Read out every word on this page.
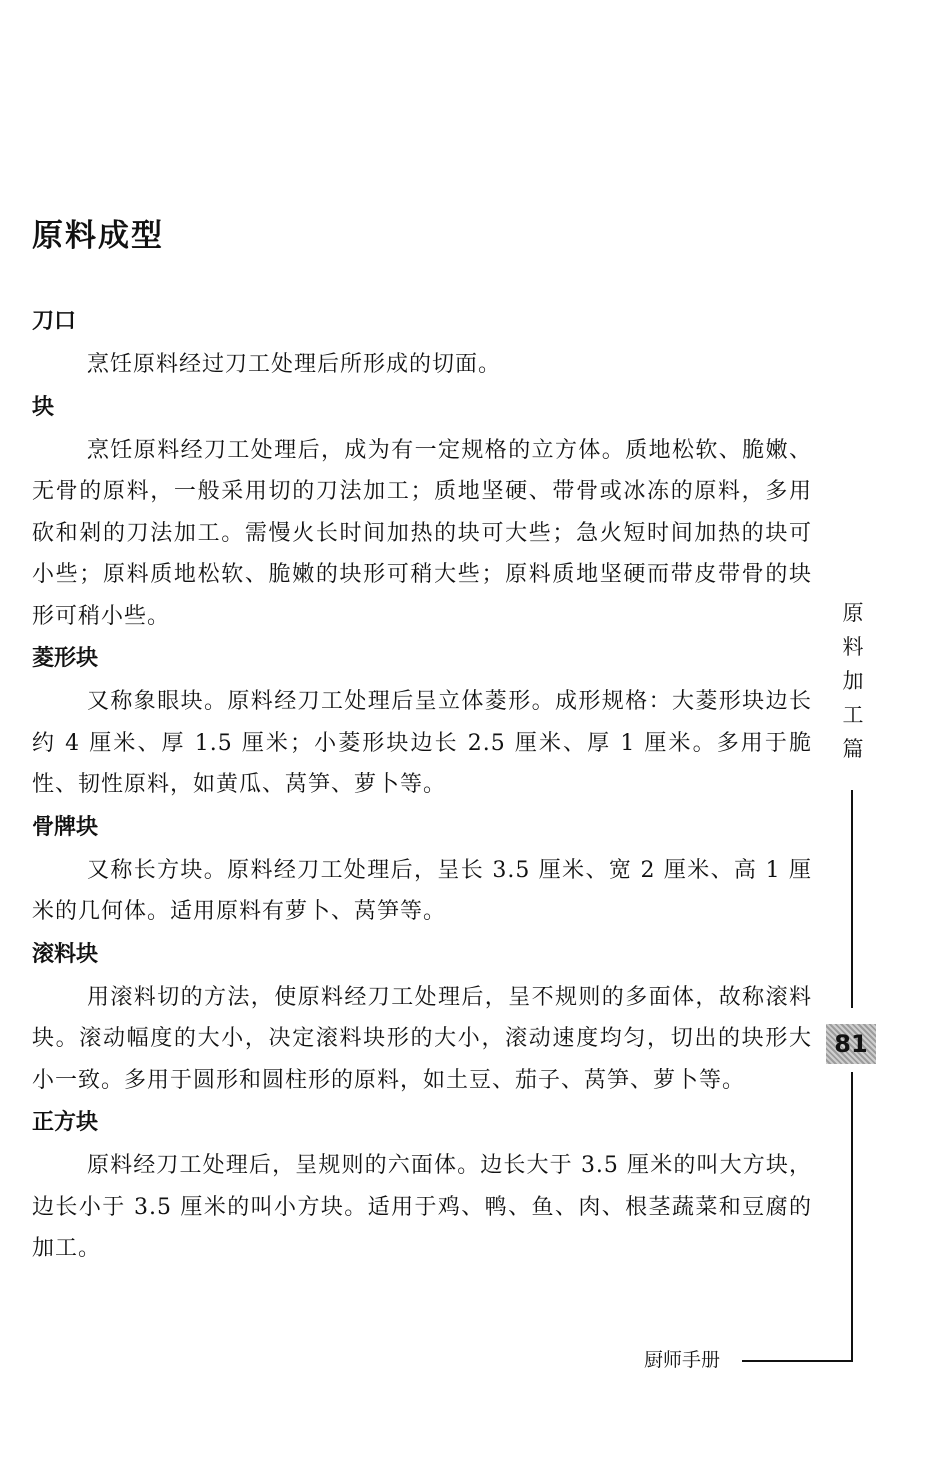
原料成型
刀口

烹饪原料经过刀工处理后所形成的切面。

块

烹饪原料经刀工处理后，成为有一定规格的立方体。质地松软、脆嫩、无骨的原料，一般采用切的刀法加工；质地坚硬、带骨或冰冻的原料，多用砍和剁的刀法加工。需慢火长时间加热的块可大些；急火短时间加热的块可小些；原料质地松软、脆嫩的块形可稍大些；原料质地坚硬而带皮带骨的块形可稍小些。

菱形块

又称象眼块。原料经刀工处理后呈立体菱形。成形规格：大菱形块边长约 4 厘米、厚 1.5 厘米；小菱形块边长 2.5 厘米、厚 1 厘米。多用于脆性、韧性原料，如黄瓜、莴笋、萝卜等。

骨牌块

又称长方块。原料经刀工处理后，呈长 3.5 厘米、宽 2 厘米、高 1 厘米的几何体。适用原料有萝卜、莴笋等。

滚料块

用滚料切的方法，使原料经刀工处理后，呈不规则的多面体，故称滚料块。滚动幅度的大小，决定滚料块形的大小，滚动速度均匀，切出的块形大小一致。多用于圆形和圆柱形的原料，如土豆、茄子、莴笋、萝卜等。

正方块

原料经刀工处理后，呈规则的六面体。边长大于 3.5 厘米的叫大方块，边长小于 3.5 厘米的叫小方块。适用于鸡、鸭、鱼、肉、根茎蔬菜和豆腐的加工。

原
料
加
工
篇
81
厨师手册
